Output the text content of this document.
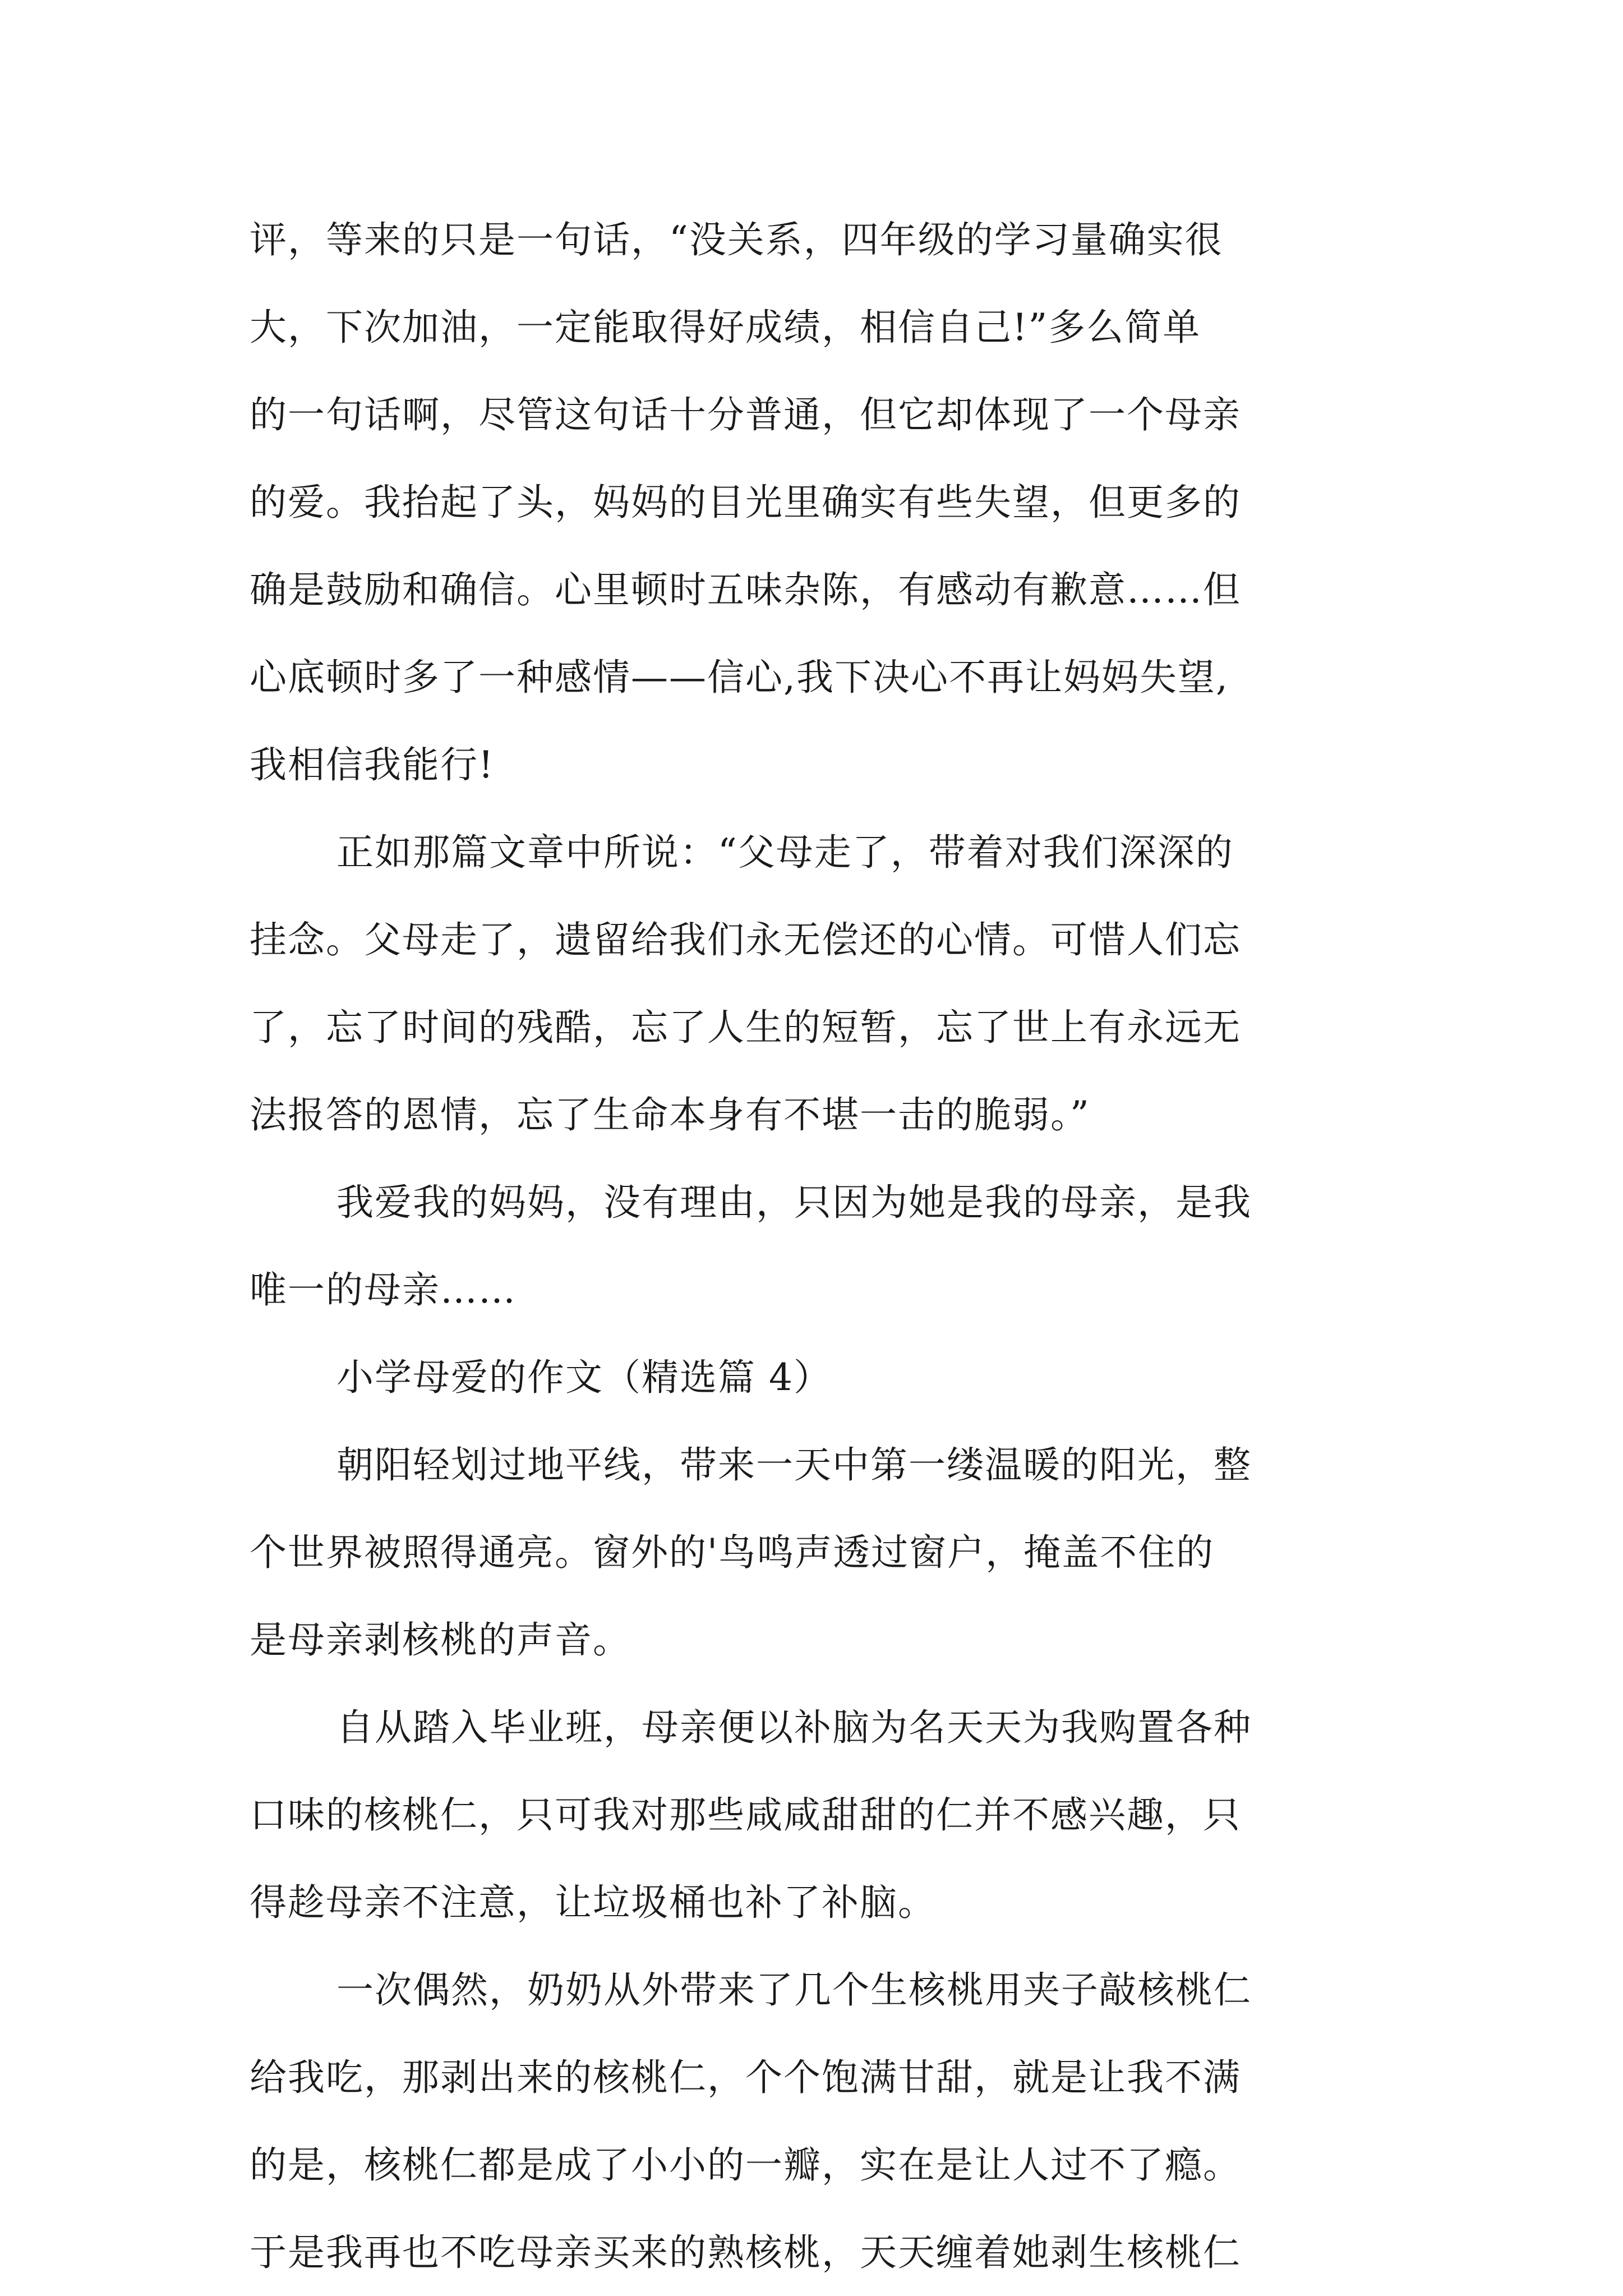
评，等来的只是一句话，“没关系，四年级的学习量确实很

大，下次加油，一定能取得好成绩，相信自己!”多么简单

的一句话啊，尽管这句话十分普通，但它却体现了一个母亲

的爱。我抬起了头，妈妈的目光里确实有些失望，但更多的

确是鼓励和确信。心里顿时五味杂陈，有感动有歉意……但

心底顿时多了一种感情——信心,我下决心不再让妈妈失望,

我相信我能行!

正如那篇文章中所说：“父母走了，带着对我们深深的

挂念。父母走了，遗留给我们永无偿还的心情。可惜人们忘

了，忘了时间的残酷，忘了人生的短暂，忘了世上有永远无

法报答的恩情，忘了生命本身有不堪一击的脆弱。”

我爱我的妈妈，没有理由，只因为她是我的母亲，是我

唯一的母亲……

小学母爱的作文（精选篇 4）

朝阳轻划过地平线，带来一天中第一缕温暖的阳光，整

个世界被照得通亮。窗外的'鸟鸣声透过窗户，掩盖不住的

是母亲剥核桃的声音。

自从踏入毕业班，母亲便以补脑为名天天为我购置各种

口味的核桃仁，只可我对那些咸咸甜甜的仁并不感兴趣，只

得趁母亲不注意，让垃圾桶也补了补脑。

一次偶然，奶奶从外带来了几个生核桃用夹子敲核桃仁

给我吃，那剥出来的核桃仁，个个饱满甘甜，就是让我不满

的是，核桃仁都是成了小小的一瓣，实在是让人过不了瘾。

于是我再也不吃母亲买来的熟核桃，天天缠着她剥生核桃仁
